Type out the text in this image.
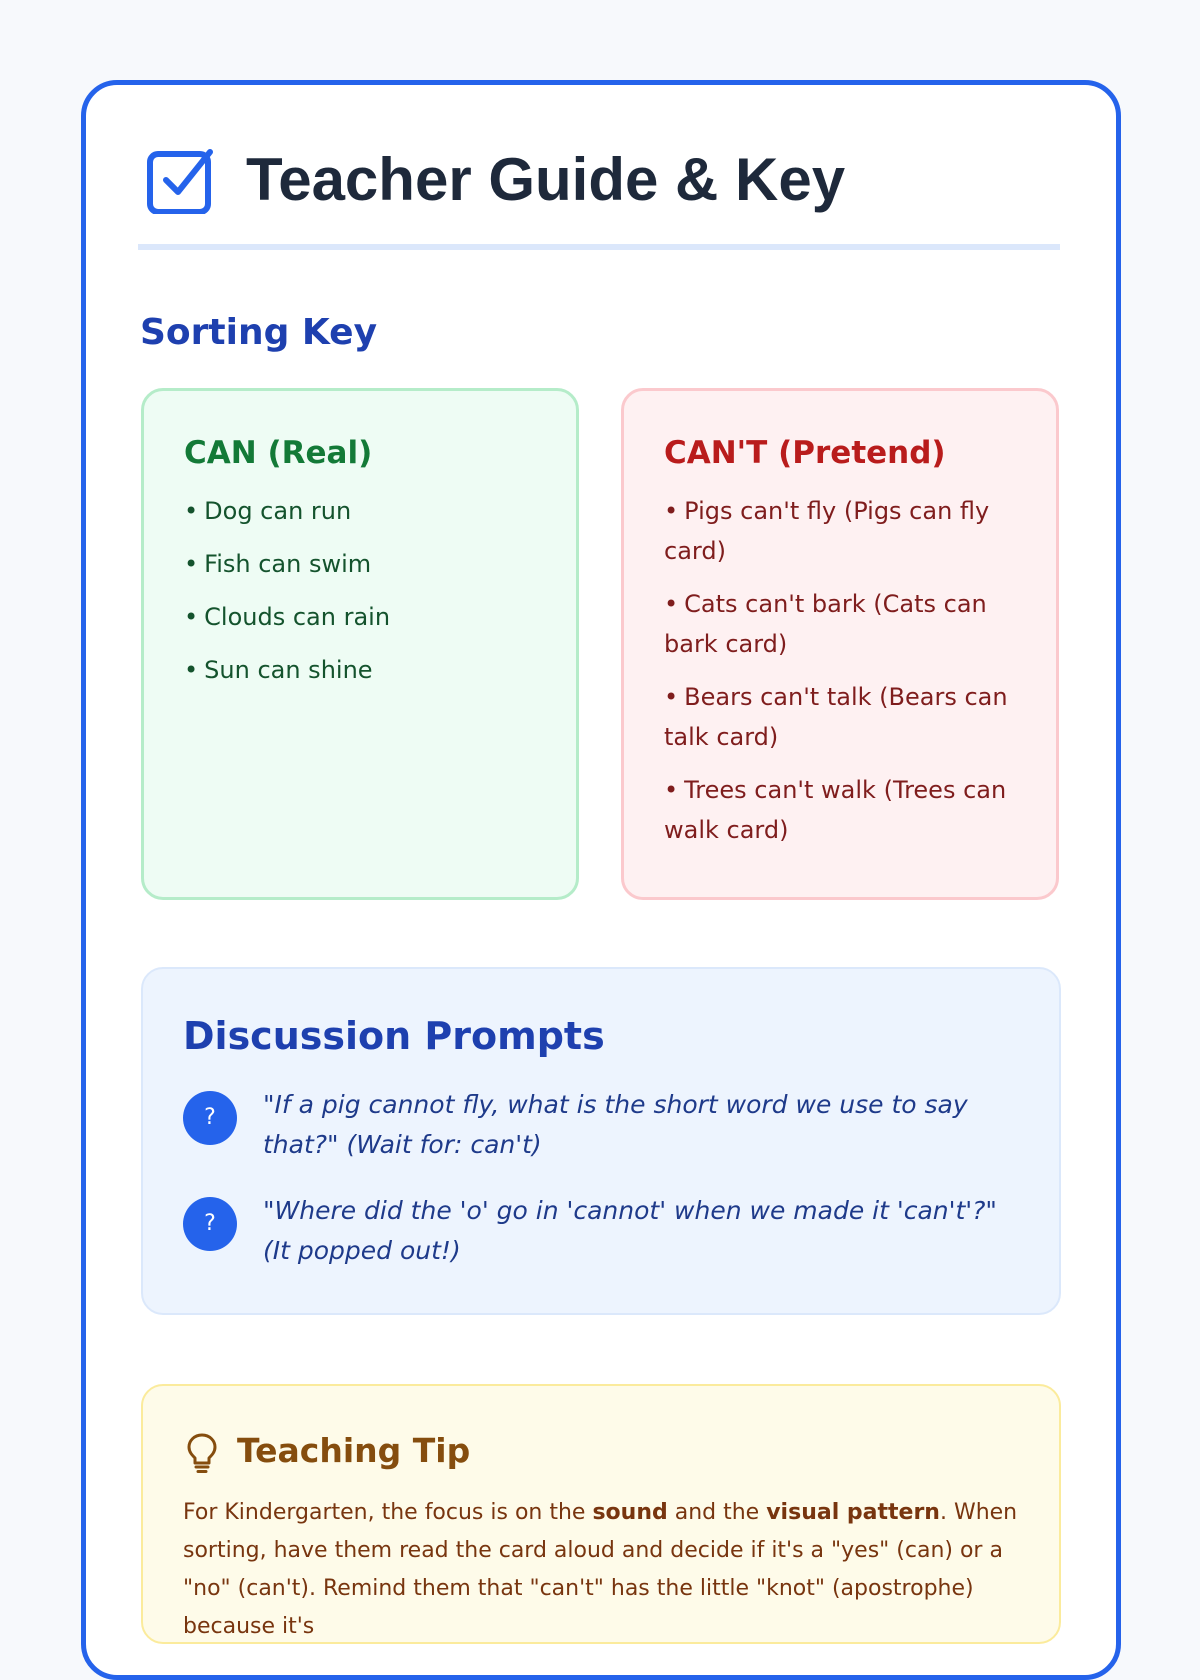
Teacher Guide & Key
Sorting Key
CAN (Real)
• Dog can run
• Fish can swim
• Clouds can rain
• Sun can shine
CAN'T (Pretend)
• Pigs can't fly (Pigs can fly card)
• Cats can't bark (Cats can bark card)
• Bears can't talk (Bears can talk card)
• Trees can't walk (Trees can walk card)
Discussion Prompts
?	"If a pig cannot fly, what is the short word we use to say that?" (Wait for: can't)
?	"Where did the 'o' go in 'cannot' when we made it 'can't'?" (It popped out!)
Teaching Tip
For Kindergarten, the focus is on the sound and the visual pattern. When sorting, have them read the card aloud and decide if it's a "yes" (can) or a "no" (can't). Remind them that "can't" has the little "knot" (apostrophe) because it's
